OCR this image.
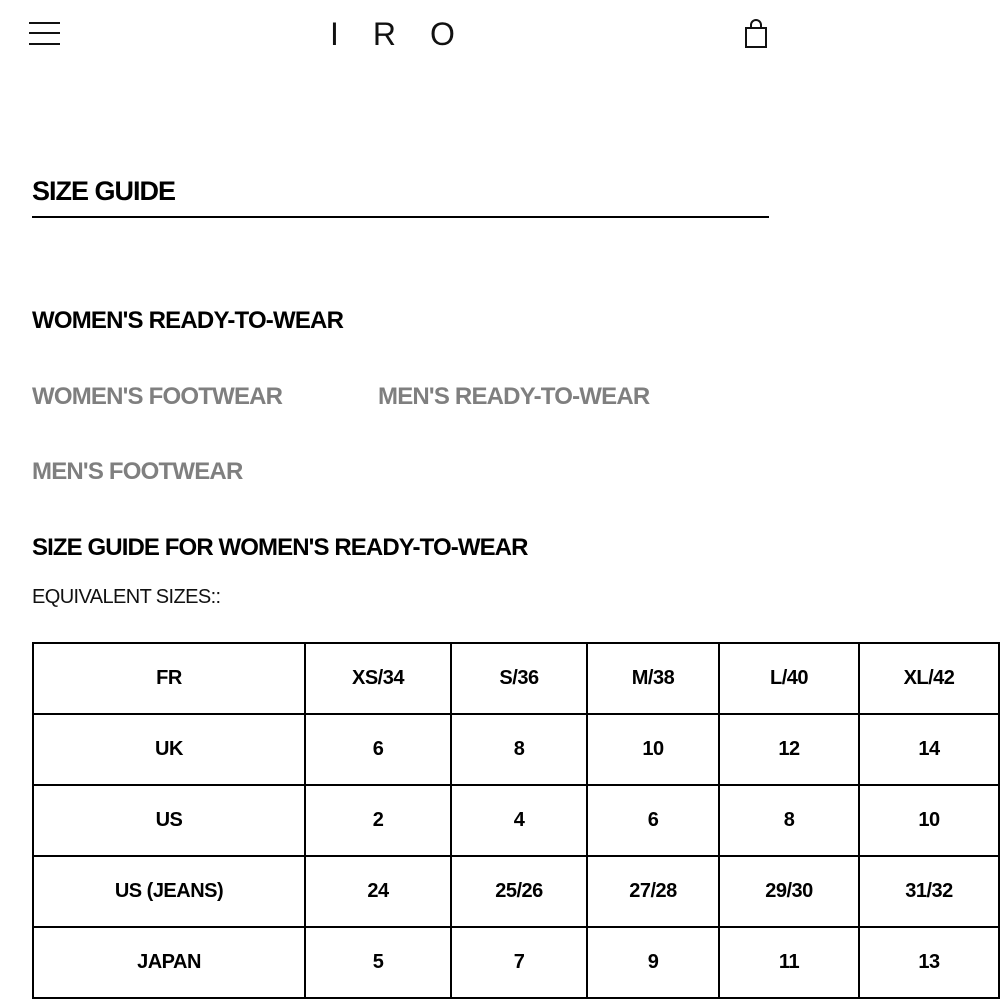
IRO
SIZE GUIDE
WOMEN'S READY-TO-WEAR
WOMEN'S FOOTWEAR	MEN'S READY-TO-WEAR
MEN'S FOOTWEAR
SIZE GUIDE FOR WOMEN'S READY-TO-WEAR
EQUIVALENT SIZES::
FR	XS/34	S/36	M/38	L/40	XL/42
UK	6	8	10	12	14
US	2	4	6	8	10
US (JEANS)	24	25/26	27/28	29/30	31/32
JAPAN	5	7	9	11	13
